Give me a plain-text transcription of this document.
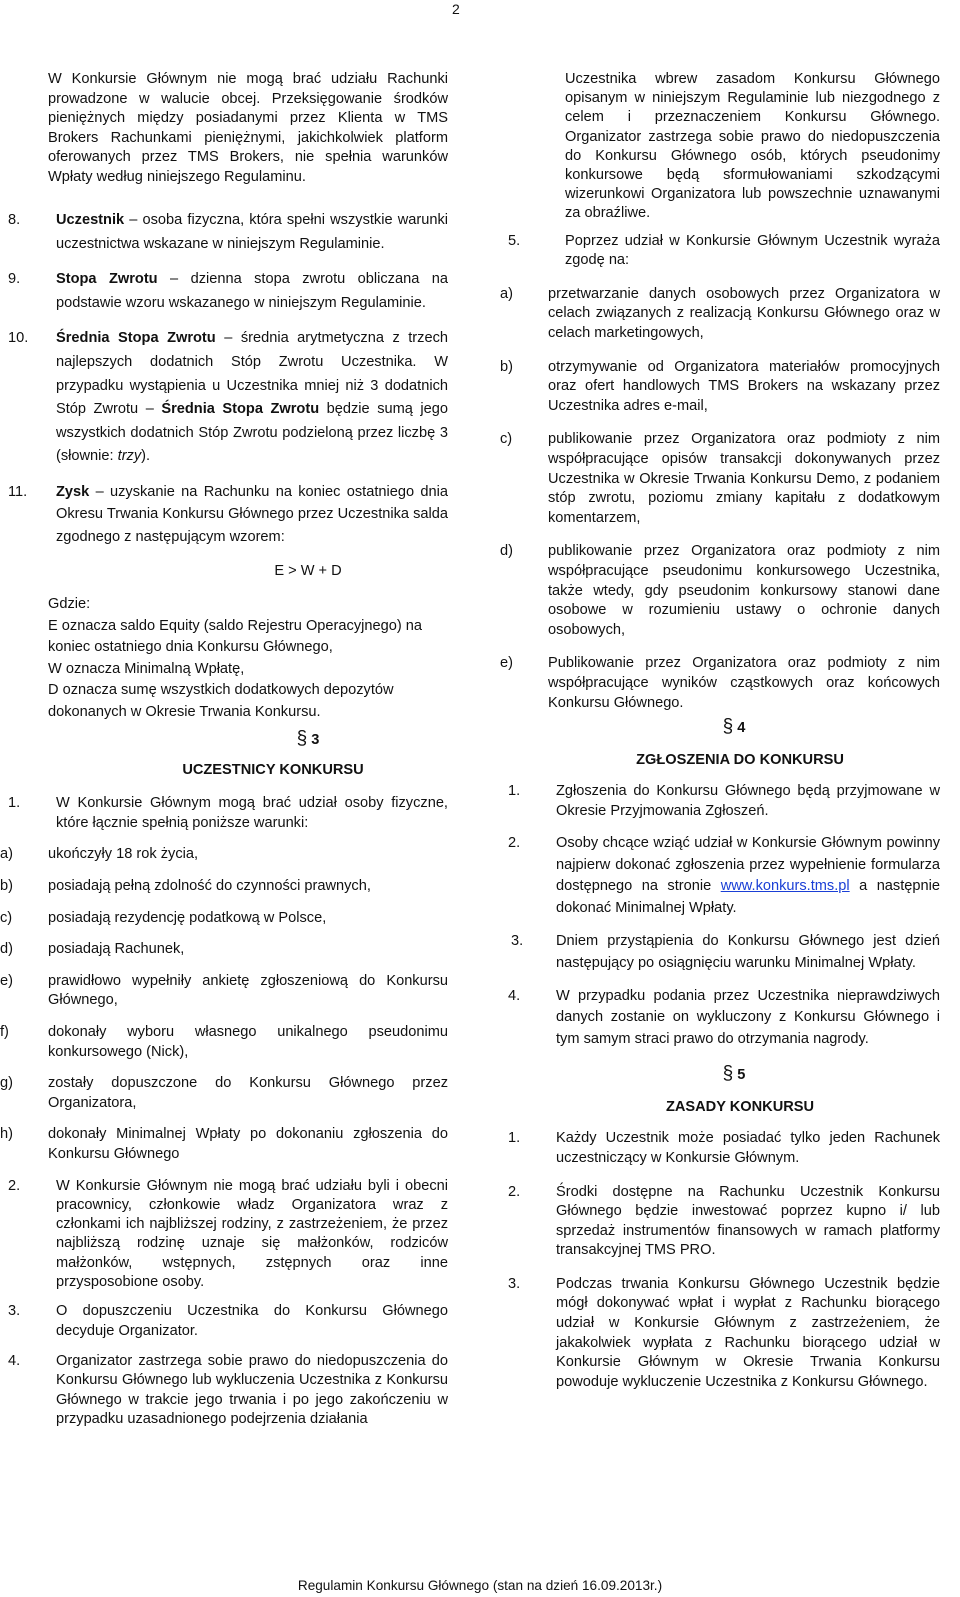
2

W Konkursie Głównym nie mogą brać udziału Rachunki prowadzone w walucie obcej. Przeksięgowanie środków pieniężnych między posiadanymi przez Klienta w TMS Brokers Rachunkami pieniężnymi, jakichkolwiek platform oferowanych przez TMS Brokers, nie spełnia warunków Wpłaty według niniejszego Regulaminu.

8. Uczestnik – osoba fizyczna, która spełni wszystkie warunki uczestnictwa wskazane w niniejszym Regulaminie.

9. Stopa Zwrotu – dzienna stopa zwrotu obliczana na podstawie wzoru wskazanego w niniejszym Regulaminie.

10. Średnia Stopa Zwrotu – średnia arytmetyczna z trzech najlepszych dodatnich Stóp Zwrotu Uczestnika. W przypadku wystąpienia u Uczestnika mniej niż 3 dodatnich Stóp Zwrotu – Średnia Stopa Zwrotu będzie sumą jego wszystkich dodatnich Stóp Zwrotu podzieloną przez liczbę 3 (słownie: trzy).

11. Zysk – uzyskanie na Rachunku na koniec ostatniego dnia Okresu Trwania Konkursu Głównego przez Uczestnika salda zgodnego z następującym wzorem:

E > W + D

Gdzie:
E oznacza saldo Equity (saldo Rejestru Operacyjnego) na koniec ostatniego dnia Konkursu Głównego,
W oznacza Minimalną Wpłatę,
D oznacza sumę wszystkich dodatkowych depozytów dokonanych w Okresie Trwania Konkursu.
§ 3
UCZESTNICY KONKURSU

1. W Konkursie Głównym mogą brać udział osoby fizyczne, które łącznie spełnią poniższe warunki:

a) ukończyły 18 rok życia,

b) posiadają pełną zdolność do czynności prawnych,

c) posiadają rezydencję podatkową w Polsce,

d) posiadają Rachunek,

e) prawidłowo wypełniły ankietę zgłoszeniową do Konkursu Głównego,

f)	dokonały wyboru własnego unikalnego pseudonimu konkursowego (Nick),

g) zostały dopuszczone do Konkursu Głównego przez Organizatora,

h) dokonały Minimalnej Wpłaty po dokonaniu zgłoszenia do Konkursu Głównego

2. W Konkursie Głównym nie mogą brać udziału byli i obecni pracownicy, członkowie władz Organizatora wraz z członkami ich najbliższej rodziny, z zastrzeżeniem, że przez najbliższą rodzinę uznaje się małżonków, rodziców małżonków, wstępnych, zstępnych oraz inne przysposobione osoby.

3. O dopuszczeniu Uczestnika do Konkursu Głównego decyduje Organizator.

4. Organizator zastrzega sobie prawo do niedopuszczenia do Konkursu Głównego lub wykluczenia Uczestnika z Konkursu Głównego w trakcie jego trwania i po jego zakończeniu w przypadku uzasadnionego podejrzenia działania

Uczestnika wbrew zasadom Konkursu Głównego opisanym w niniejszym Regulaminie lub niezgodnego z celem i przeznaczeniem Konkursu Głównego. Organizator zastrzega sobie prawo do niedopuszczenia do Konkursu Głównego osób, których pseudonimy konkursowe będą sformułowaniami szkodzącymi wizerunkowi Organizatora lub powszechnie uznawanymi za obraźliwe.

5.	Poprzez udział w Konkursie Głównym Uczestnik wyraża zgodę na:

a) przetwarzanie danych osobowych przez Organizatora w celach związanych z realizacją Konkursu Głównego oraz w celach marketingowych,

b) otrzymywanie od Organizatora materiałów promocyjnych oraz ofert handlowych TMS Brokers na wskazany przez Uczestnika adres e-mail,

c) publikowanie przez Organizatora oraz podmioty z nim współpracujące opisów transakcji dokonywanych przez Uczestnika w Okresie Trwania Konkursu Demo, z podaniem stóp zwrotu, poziomu zmiany kapitału z dodatkowym komentarzem,

d) publikowanie przez Organizatora oraz podmioty z nim współpracujące pseudonimu konkursowego Uczestnika, także wtedy, gdy pseudonim konkursowy stanowi dane osobowe w rozumieniu ustawy o ochronie danych osobowych,

e) Publikowanie przez Organizatora oraz podmioty z nim współpracujące wyników cząstkowych oraz końcowych Konkursu Głównego.

§ 4
ZGŁOSZENIA DO KONKURSU

1. Zgłoszenia do Konkursu Głównego będą przyjmowane w Okresie Przyjmowania Zgłoszeń.

2. Osoby chcące wziąć udział w Konkursie Głównym powinny najpierw dokonać zgłoszenia przez wypełnienie formularza dostępnego na stronie www.konkurs.tms.pl a następnie dokonać Minimalnej Wpłaty.

3. Dniem przystąpienia do Konkursu Głównego jest dzień następujący po osiągnięciu warunku Minimalnej Wpłaty.

4. W przypadku podania przez Uczestnika nieprawdziwych danych zostanie on wykluczony z Konkursu Głównego i tym samym straci prawo do otrzymania nagrody.

§ 5
ZASADY KONKURSU

1. Każdy Uczestnik może posiadać tylko jeden Rachunek uczestniczący w Konkursie Głównym.

2. Środki dostępne na Rachunku Uczestnik Konkursu Głównego będzie inwestować poprzez kupno i/ lub sprzedaż instrumentów finansowych w ramach platformy transakcyjnej TMS PRO.

3. Podczas trwania Konkursu Głównego Uczestnik będzie mógł dokonywać wpłat i wypłat z Rachunku biorącego udział w Konkursie Głównym z zastrzeżeniem, że jakakolwiek wypłata z Rachunku biorącego udział w Konkursie Głównym w Okresie Trwania Konkursu powoduje wykluczenie Uczestnika z Konkursu Głównego.

Regulamin Konkursu Głównego (stan na dzień 16.09.2013r.)
